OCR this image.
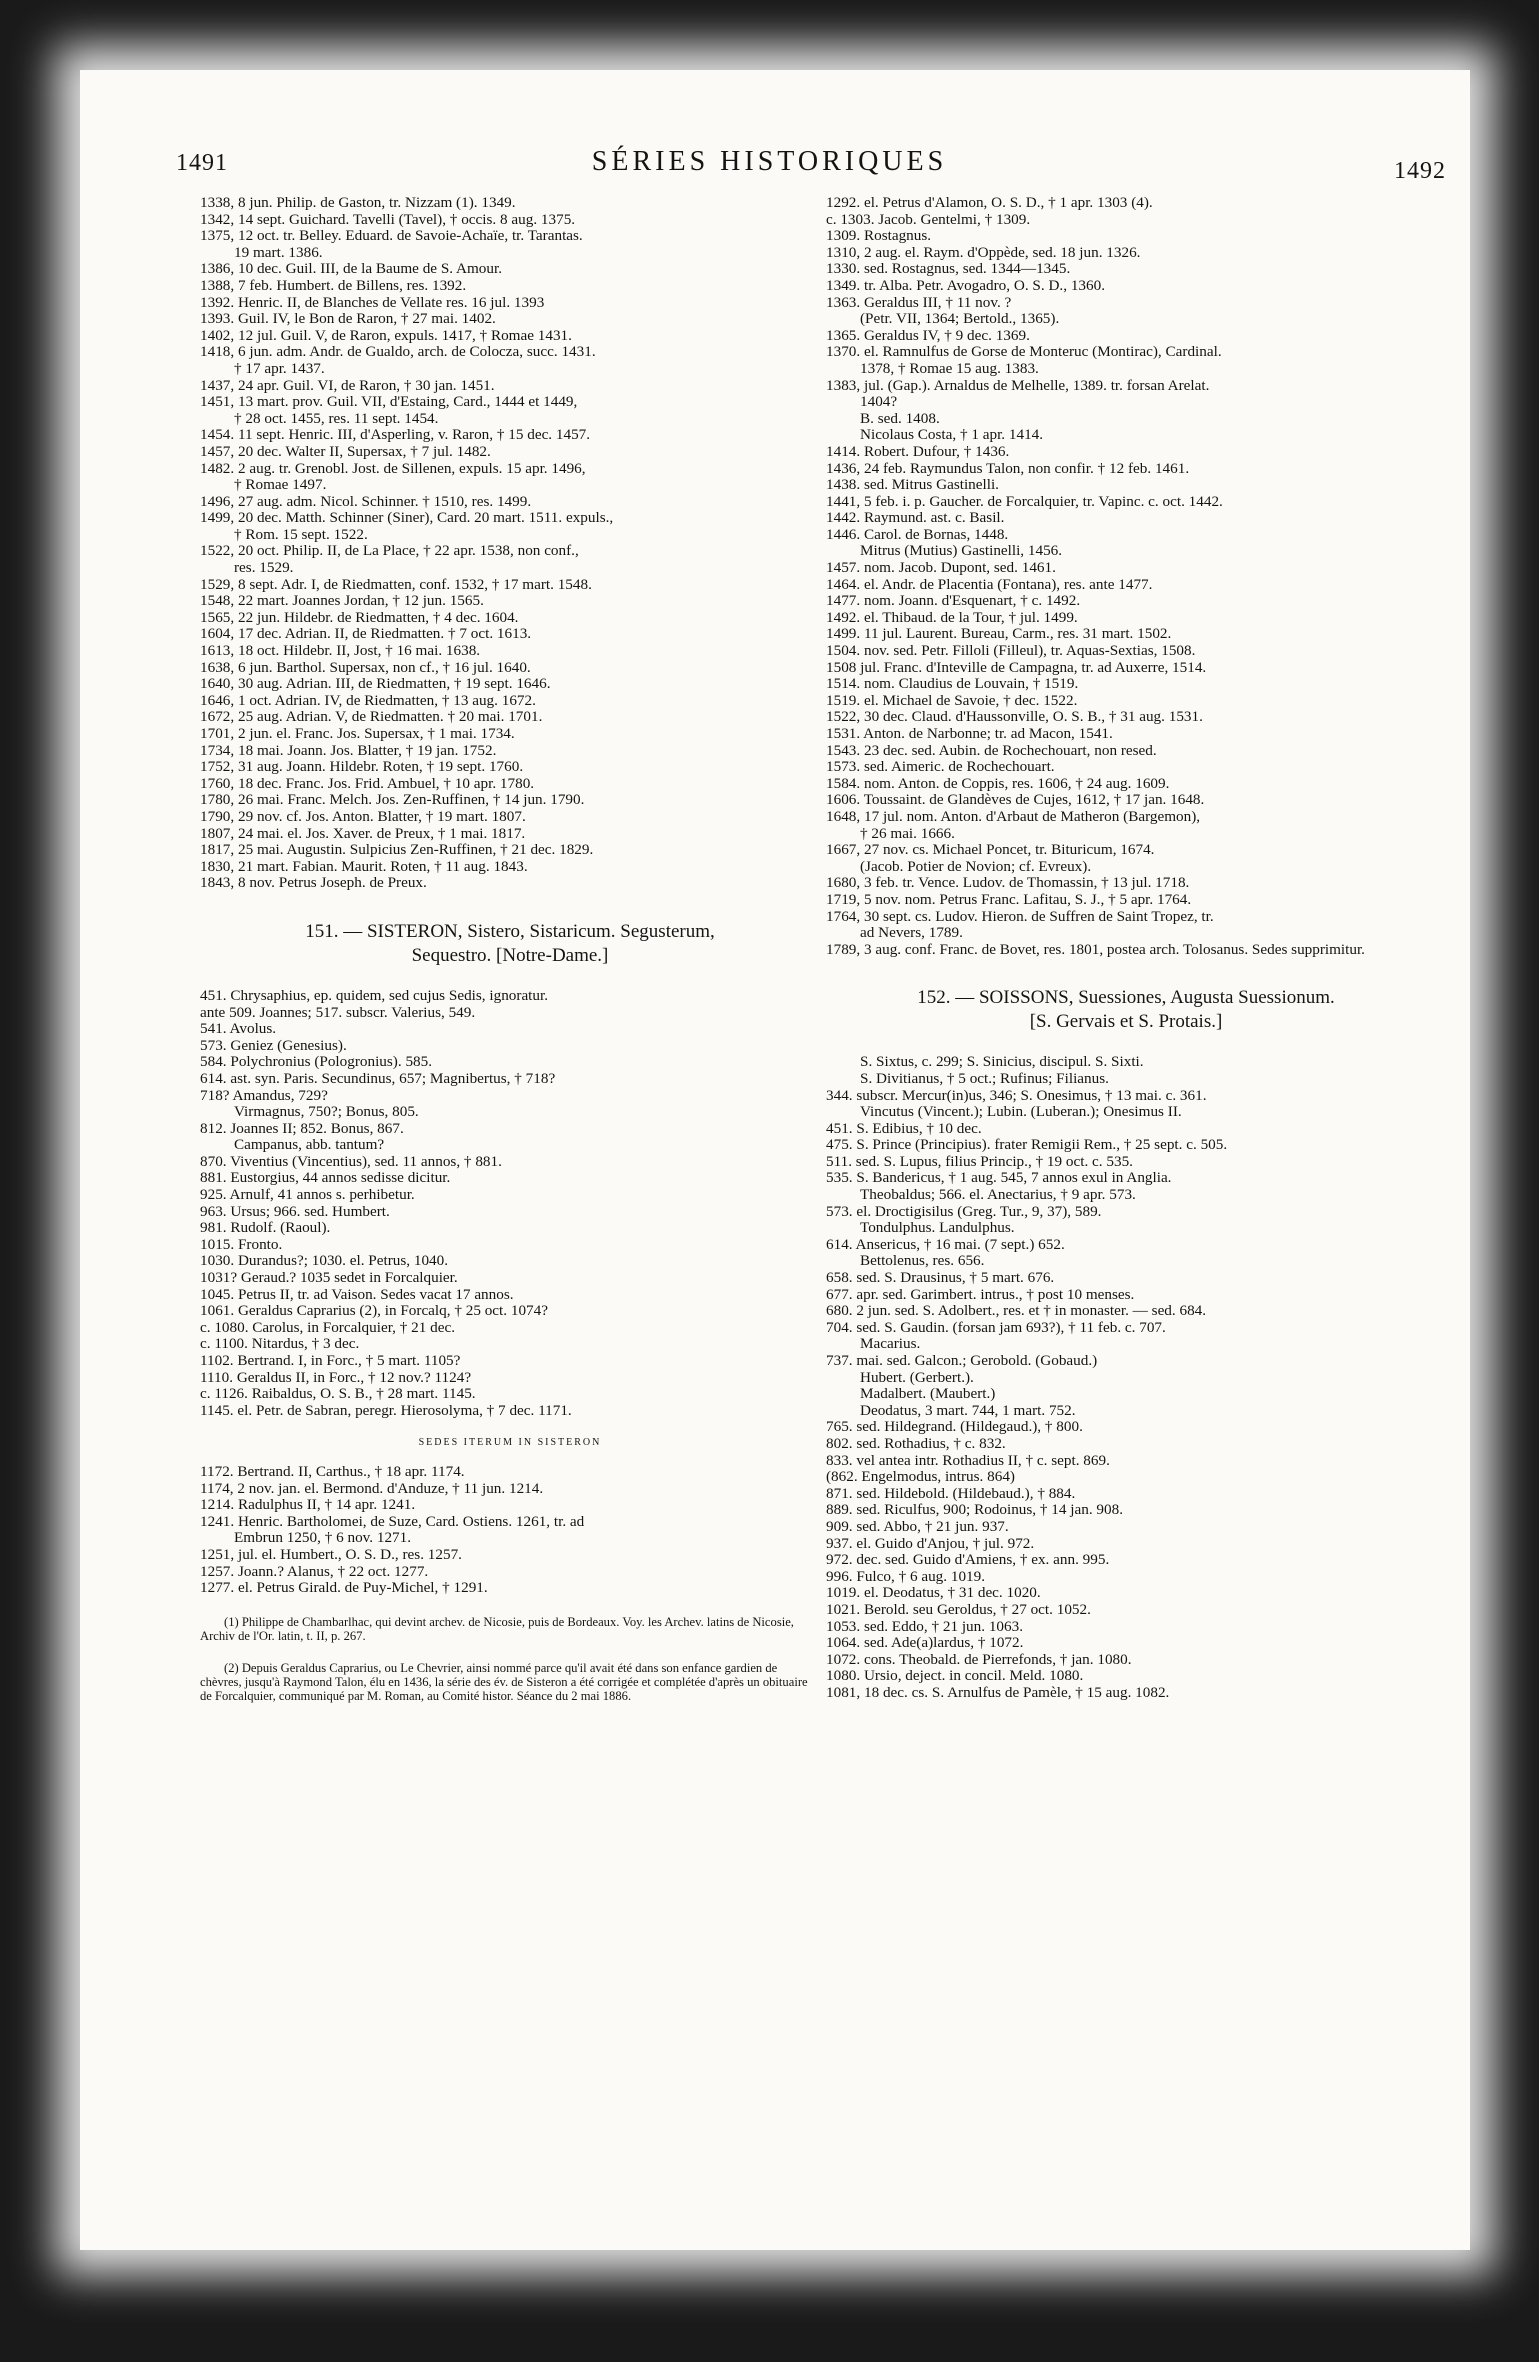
1491	SÉRIES HISTORIQUES	1492
1338, 8 jun. Philip. de Gaston, tr. Nizzam (1). 1349.
1342, 14 sept. Guichard. Tavelli (Tavel), † occis. 8 aug. 1375.
1375, 12 oct. tr. Belley. Eduard. de Savoie-Achaïe, tr. Tarantas.
19 mart. 1386.
1386, 10 dec. Guil. III, de la Baume de S. Amour.
1388, 7 feb. Humbert. de Billens, res. 1392.
1392. Henric. II, de Blanches de Vellate res. 16 jul. 1393
1393. Guil. IV, le Bon de Raron, † 27 mai. 1402.
1402, 12 jul. Guil. V, de Raron, expuls. 1417, † Romae 1431.
1418, 6 jun. adm. Andr. de Gualdo, arch. de Colocza, succ. 1431.
† 17 apr. 1437.
1437, 24 apr. Guil. VI, de Raron, † 30 jan. 1451.
1451, 13 mart. prov. Guil. VII, d'Estaing, Card., 1444 et 1449,
† 28 oct. 1455, res. 11 sept. 1454.
1454. 11 sept. Henric. III, d'Asperling, v. Raron, † 15 dec. 1457.
1457, 20 dec. Walter II, Supersax, † 7 jul. 1482.
1482. 2 aug. tr. Grenobl. Jost. de Sillenen, expuls. 15 apr. 1496,
† Romae 1497.
1496, 27 aug. adm. Nicol. Schinner. † 1510, res. 1499.
1499, 20 dec. Matth. Schinner (Siner), Card. 20 mart. 1511. expuls.,
† Rom. 15 sept. 1522.
1522, 20 oct. Philip. II, de La Place, † 22 apr. 1538, non conf.,
res. 1529.
1529, 8 sept. Adr. I, de Riedmatten, conf. 1532, † 17 mart. 1548.
1548, 22 mart. Joannes Jordan, † 12 jun. 1565.
1565, 22 jun. Hildebr. de Riedmatten, † 4 dec. 1604.
1604, 17 dec. Adrian. II, de Riedmatten. † 7 oct. 1613.
1613, 18 oct. Hildebr. II, Jost, † 16 mai. 1638.
1638, 6 jun. Barthol. Supersax, non cf., † 16 jul. 1640.
1640, 30 aug. Adrian. III, de Riedmatten, † 19 sept. 1646.
1646, 1 oct. Adrian. IV, de Riedmatten, † 13 aug. 1672.
1672, 25 aug. Adrian. V, de Riedmatten. † 20 mai. 1701.
1701, 2 jun. el. Franc. Jos. Supersax, † 1 mai. 1734.
1734, 18 mai. Joann. Jos. Blatter, † 19 jan. 1752.
1752, 31 aug. Joann. Hildebr. Roten, † 19 sept. 1760.
1760, 18 dec. Franc. Jos. Frid. Ambuel, † 10 apr. 1780.
1780, 26 mai. Franc. Melch. Jos. Zen-Ruffinen, † 14 jun. 1790.
1790, 29 nov. cf. Jos. Anton. Blatter, † 19 mart. 1807.
1807, 24 mai. el. Jos. Xaver. de Preux, † 1 mai. 1817.
1817, 25 mai. Augustin. Sulpicius Zen-Ruffinen, † 21 dec. 1829.
1830, 21 mart. Fabian. Maurit. Roten, † 11 aug. 1843.
1843, 8 nov. Petrus Joseph. de Preux.
151. — SISTERON, Sistero, Sistaricum. Segusterum,
Sequestro. [Notre-Dame.]
451. Chrysaphius, ep. quidem, sed cujus Sedis, ignoratur.
ante 509. Joannes; 517. subscr. Valerius, 549.
541. Avolus.
573. Geniez (Genesius).
584. Polychronius (Pologronius). 585.
614. ast. syn. Paris. Secundinus, 657; Magnibertus, † 718?
718? Amandus, 729?
Virmagnus, 750?; Bonus, 805.
812. Joannes II; 852. Bonus, 867.
Campanus, abb. tantum?
870. Viventius (Vincentius), sed. 11 annos, † 881.
881. Eustorgius, 44 annos sedisse dicitur.
925. Arnulf, 41 annos s. perhibetur.
963. Ursus; 966. sed. Humbert.
981. Rudolf. (Raoul).
1015. Fronto.
1030. Durandus?; 1030. el. Petrus, 1040.
1031? Geraud.? 1035 sedet in Forcalquier.
1045. Petrus II, tr. ad Vaison. Sedes vacat 17 annos.
1061. Geraldus Caprarius (2), in Forcalq, † 25 oct. 1074?
c. 1080. Carolus, in Forcalquier, † 21 dec.
c. 1100. Nitardus, † 3 dec.
1102. Bertrand. I, in Forc., † 5 mart. 1105?
1110. Geraldus II, in Forc., † 12 nov.? 1124?
c. 1126. Raibaldus, O. S. B., † 28 mart. 1145.
1145. el. Petr. de Sabran, peregr. Hierosolyma, † 7 dec. 1171.
SEDES ITERUM IN SISTERON
1172. Bertrand. II, Carthus., † 18 apr. 1174.
1174, 2 nov. jan. el. Bermond. d'Anduze, † 11 jun. 1214.
1214. Radulphus II, † 14 apr. 1241.
1241. Henric. Bartholomei, de Suze, Card. Ostiens. 1261, tr. ad
Embrun 1250, † 6 nov. 1271.
1251, jul. el. Humbert., O. S. D., res. 1257.
1257. Joann.? Alanus, † 22 oct. 1277.
1277. el. Petrus Girald. de Puy-Michel, † 1291.
(1) Philippe de Chambarlhac, qui devint archev. de Nicosie, puis de Bordeaux. Voy. les Archev. latins de Nicosie, Archiv de l'Or. latin, t. II, p. 267.
(2) Depuis Geraldus Caprarius, ou Le Chevrier, ainsi nommé parce qu'il avait été dans son enfance gardien de chèvres, jusqu'à Raymond Talon, élu en 1436, la série des év. de Sisteron a été corrigée et complétée d'après un obituaire de Forcalquier, communiqué par M. Roman, au Comité histor. Séance du 2 mai 1886.
1292. el. Petrus d'Alamon, O. S. D., † 1 apr. 1303 (4).
c. 1303. Jacob. Gentelmi, † 1309.
1309. Rostagnus.
1310, 2 aug. el. Raym. d'Oppède, sed. 18 jun. 1326.
1330. sed. Rostagnus, sed. 1344—1345.
1349. tr. Alba. Petr. Avogadro, O. S. D., 1360.
1363. Geraldus III, † 11 nov. ?
(Petr. VII, 1364; Bertold., 1365).
1365. Geraldus IV, † 9 dec. 1369.
1370. el. Ramnulfus de Gorse de Monteruc (Montirac), Cardinal.
1378, † Romae 15 aug. 1383.
1383, jul. (Gap.). Arnaldus de Melhelle, 1389. tr. forsan Arelat.
1404?
B. sed. 1408.
Nicolaus Costa, † 1 apr. 1414.
1414. Robert. Dufour, † 1436.
1436, 24 feb. Raymundus Talon, non confir. † 12 feb. 1461.
1438. sed. Mitrus Gastinelli.
1441, 5 feb. i. p. Gaucher. de Forcalquier, tr. Vapinc. c. oct. 1442.
1442. Raymund. ast. c. Basil.
1446. Carol. de Bornas, 1448.
Mitrus (Mutius) Gastinelli, 1456.
1457. nom. Jacob. Dupont, sed. 1461.
1464. el. Andr. de Placentia (Fontana), res. ante 1477.
1477. nom. Joann. d'Esquenart, † c. 1492.
1492. el. Thibaud. de la Tour, † jul. 1499.
1499. 11 jul. Laurent. Bureau, Carm., res. 31 mart. 1502.
1504. nov. sed. Petr. Filloli (Filleul), tr. Aquas-Sextias, 1508.
1508 jul. Franc. d'Inteville de Campagna, tr. ad Auxerre, 1514.
1514. nom. Claudius de Louvain, † 1519.
1519. el. Michael de Savoie, † dec. 1522.
1522, 30 dec. Claud. d'Haussonville, O. S. B., † 31 aug. 1531.
1531. Anton. de Narbonne; tr. ad Macon, 1541.
1543. 23 dec. sed. Aubin. de Rochechouart, non resed.
1573. sed. Aimeric. de Rochechouart.
1584. nom. Anton. de Coppis, res. 1606, † 24 aug. 1609.
1606. Toussaint. de Glandèves de Cujes, 1612, † 17 jan. 1648.
1648, 17 jul. nom. Anton. d'Arbaut de Matheron (Bargemon),
† 26 mai. 1666.
1667, 27 nov. cs. Michael Poncet, tr. Bituricum, 1674.
(Jacob. Potier de Novion; cf. Evreux).
1680, 3 feb. tr. Vence. Ludov. de Thomassin, † 13 jul. 1718.
1719, 5 nov. nom. Petrus Franc. Lafitau, S. J., † 5 apr. 1764.
1764, 30 sept. cs. Ludov. Hieron. de Suffren de Saint Tropez, tr.
ad Nevers, 1789.
1789, 3 aug. conf. Franc. de Bovet, res. 1801, postea arch. Tolosanus. Sedes supprimitur.
152. — SOISSONS, Suessiones, Augusta Suessionum.
[S. Gervais et S. Protais.]
S. Sixtus, c. 299; S. Sinicius, discipul. S. Sixti.
S. Divitianus, † 5 oct.; Rufinus; Filianus.
344. subscr. Mercur(in)us, 346; S. Onesimus, † 13 mai. c. 361.
Vincutus (Vincent.); Lubin. (Luberan.); Onesimus II.
451. S. Edibius, † 10 dec.
475. S. Prince (Principius). frater Remigii Rem., † 25 sept. c. 505.
511. sed. S. Lupus, filius Princip., † 19 oct. c. 535.
535. S. Bandericus, † 1 aug. 545, 7 annos exul in Anglia.
Theobaldus; 566. el. Anectarius, † 9 apr. 573.
573. el. Droctigisilus (Greg. Tur., 9, 37), 589.
Tondulphus. Landulphus.
614. Ansericus, † 16 mai. (7 sept.) 652.
Bettolenus, res. 656.
658. sed. S. Drausinus, † 5 mart. 676.
677. apr. sed. Garimbert. intrus., † post 10 menses.
680. 2 jun. sed. S. Adolbert., res. et † in monaster. — sed. 684.
704. sed. S. Gaudin. (forsan jam 693?), † 11 feb. c. 707.
Macarius.
737. mai. sed. Galcon.; Gerobold. (Gobaud.)
Hubert. (Gerbert.).
Madalbert. (Maubert.)
Deodatus, 3 mart. 744, 1 mart. 752.
765. sed. Hildegrand. (Hildegaud.), † 800.
802. sed. Rothadius, † c. 832.
833. vel antea intr. Rothadius II, † c. sept. 869.
(862. Engelmodus, intrus. 864)
871. sed. Hildebold. (Hildebaud.), † 884.
889. sed. Riculfus, 900; Rodoinus, † 14 jan. 908.
909. sed. Abbo, † 21 jun. 937.
937. el. Guido d'Anjou, † jul. 972.
972. dec. sed. Guido d'Amiens, † ex. ann. 995.
996. Fulco, † 6 aug. 1019.
1019. el. Deodatus, † 31 dec. 1020.
1021. Berold. seu Geroldus, † 27 oct. 1052.
1053. sed. Eddo, † 21 jun. 1063.
1064. sed. Ade(a)lardus, † 1072.
1072. cons. Theobald. de Pierrefonds, † jan. 1080.
1080. Ursio, deject. in concil. Meld. 1080.
1081, 18 dec. cs. S. Arnulfus de Pamèle, † 15 aug. 1082.
